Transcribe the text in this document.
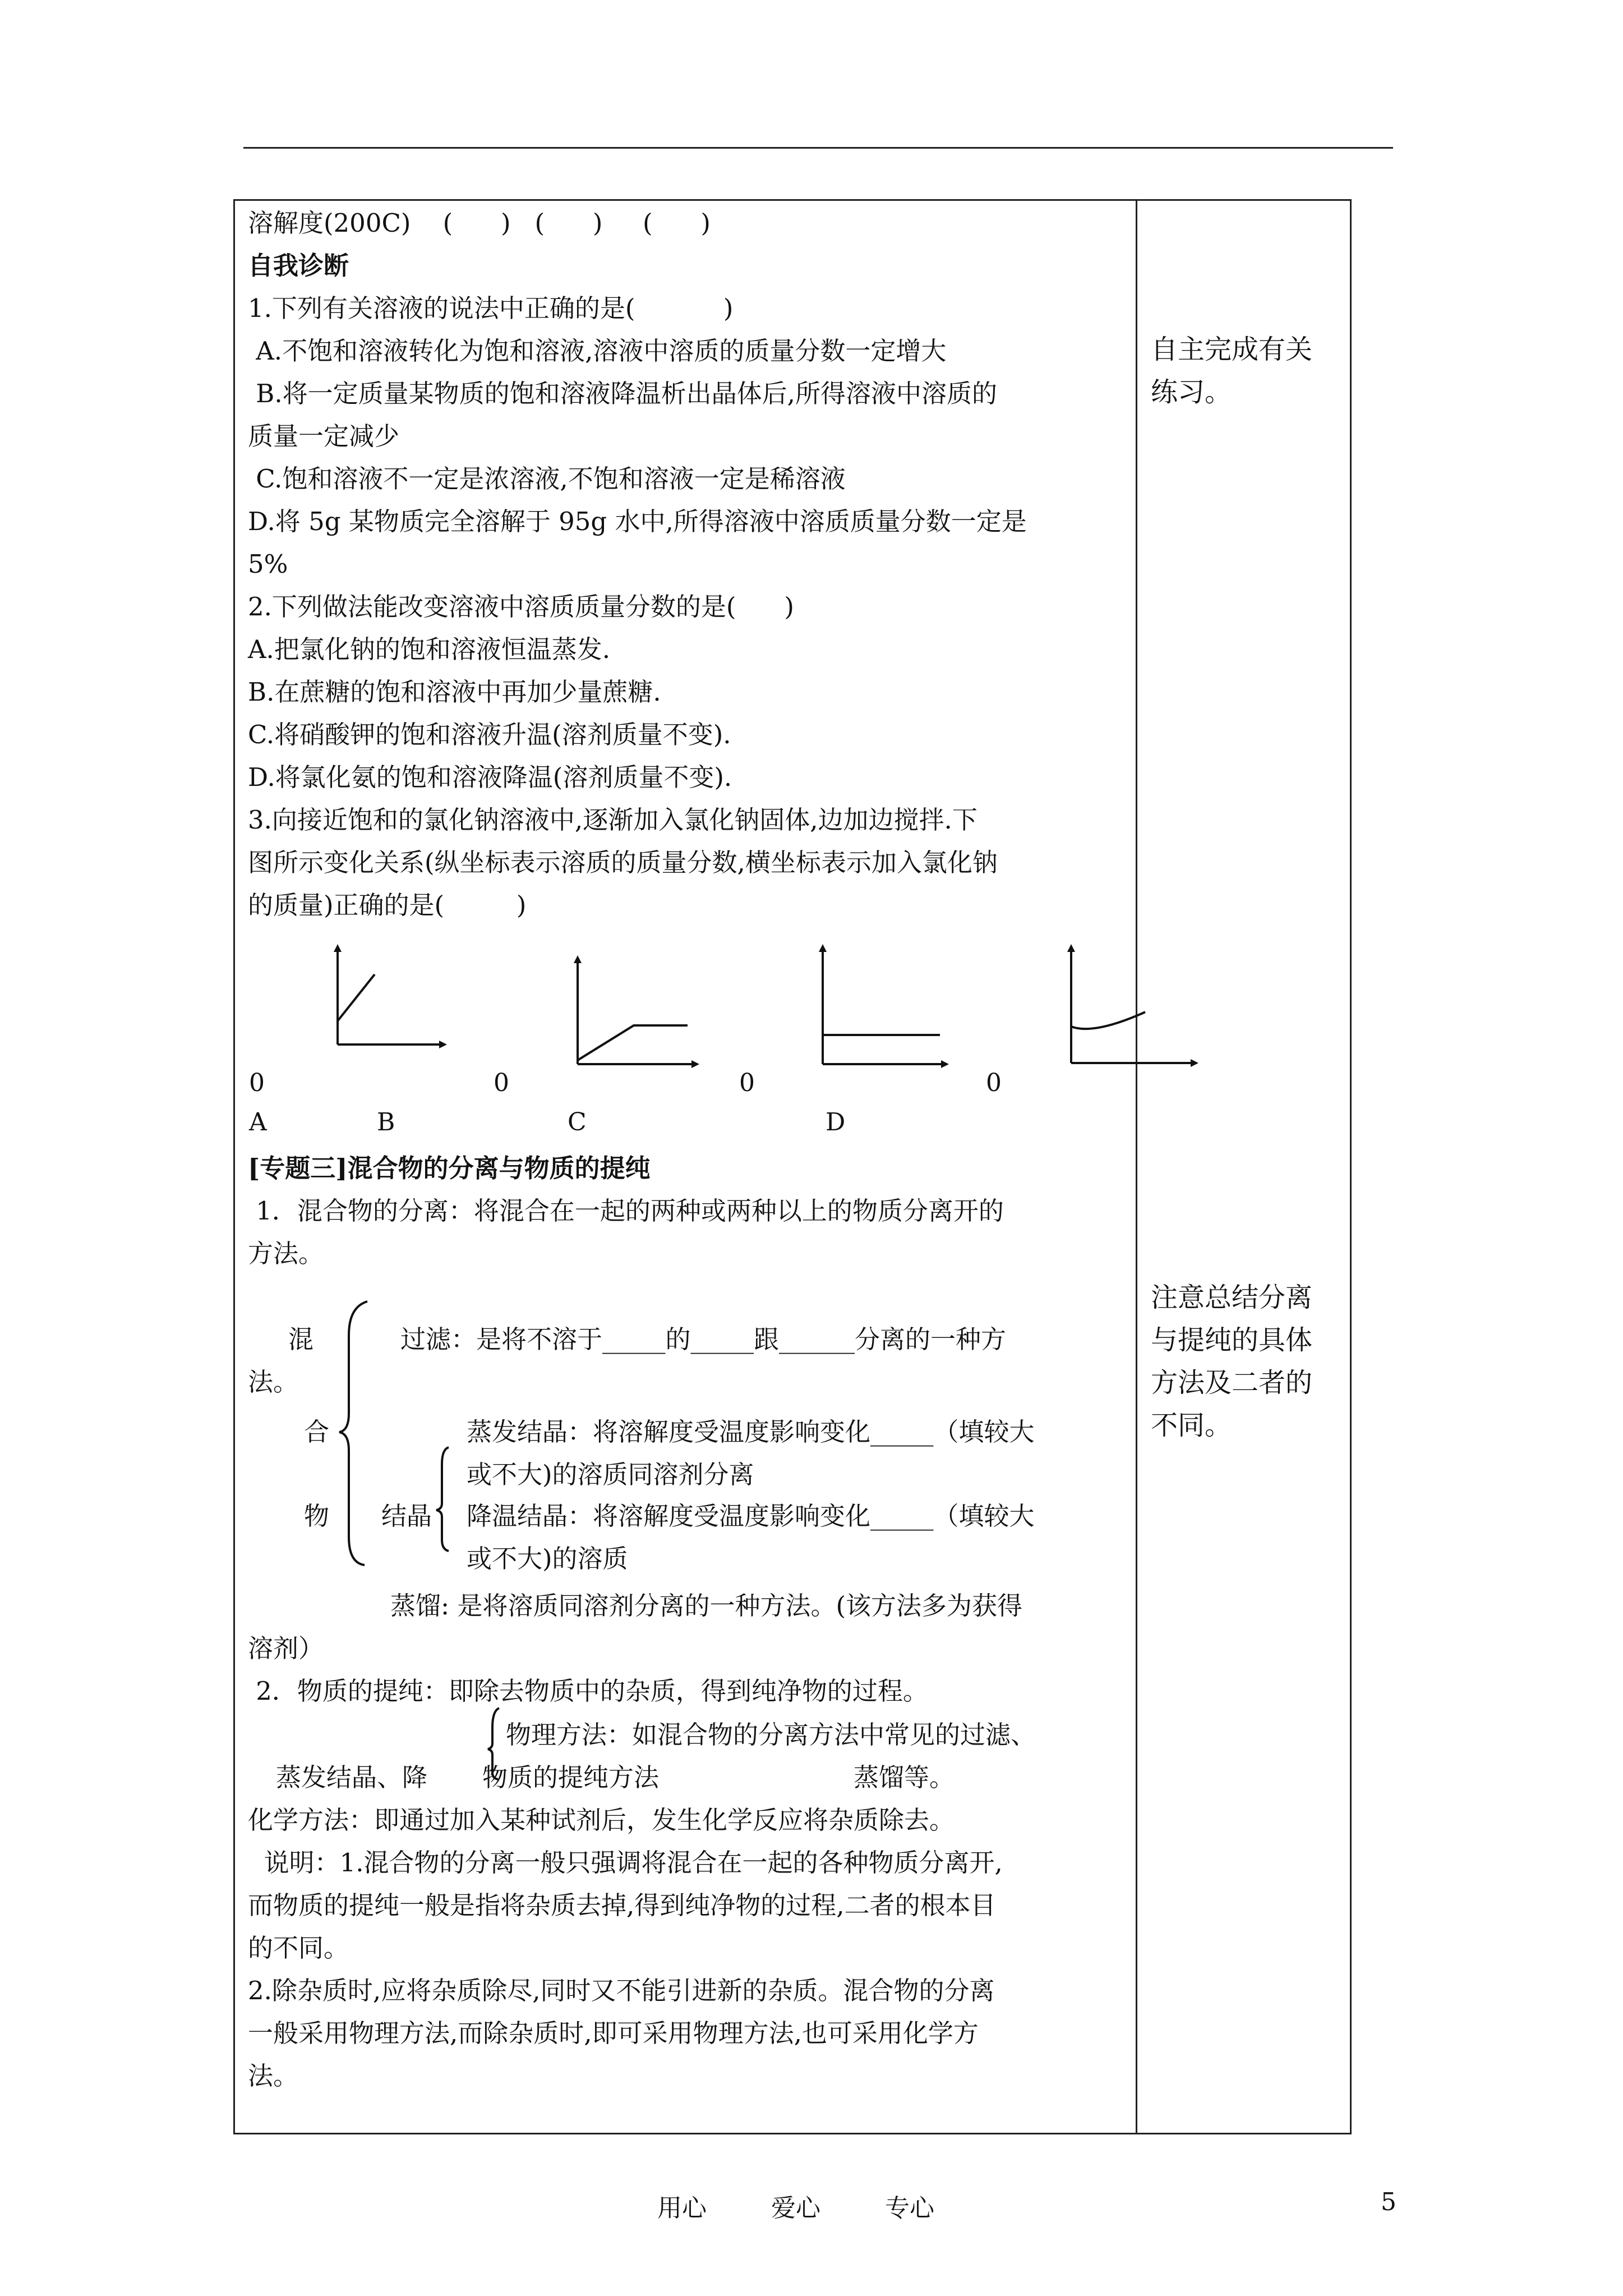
溶解度(200C)    (      )   (      )     (      )
自我诊断
1.下列有关溶液的说法中正确的是(           )
A.不饱和溶液转化为饱和溶液,溶液中溶质的质量分数一定增大
B.将一定质量某物质的饱和溶液降温析出晶体后,所得溶液中溶质的
质量一定减少
C.饱和溶液不一定是浓溶液,不饱和溶液一定是稀溶液
D.将 5g 某物质完全溶解于 95g 水中,所得溶液中溶质质量分数一定是
5%
2.下列做法能改变溶液中溶质质量分数的是(      )
A.把氯化钠的饱和溶液恒温蒸发.
B.在蔗糖的饱和溶液中再加少量蔗糖.
C.将硝酸钾的饱和溶液升温(溶剂质量不变).
D.将氯化氨的饱和溶液降温(溶剂质量不变).
3.向接近饱和的氯化钠溶液中,逐渐加入氯化钠固体,边加边搅拌.下
图所示变化关系(纵坐标表示溶质的质量分数,横坐标表示加入氯化钠
的质量)正确的是(         )
0	0	0	0
A	B	C	D
[专题三]混合物的分离与物质的提纯
1．混合物的分离：将混合在一起的两种或两种以上的物质分离开的
方法。
混
法。
合
物
过滤：是将不溶于_____的_____跟______分离的一种方
蒸发结晶：将溶解度受温度影响变化_____（填较大
或不大)的溶质同溶剂分离
结晶 降温结晶：将溶解度受温度影响变化_____（填较大
或不大)的溶质
蒸馏: 是将溶质同溶剂分离的一种方法。(该方法多为获得
溶剂）
2．物质的提纯：即除去物质中的杂质，得到纯净物的过程。
物理方法：如混合物的分离方法中常见的过滤、
蒸发结晶、降 物质的提纯方法	蒸馏等。
化学方法：即通过加入某种试剂后，发生化学反应将杂质除去。
说明：1.混合物的分离一般只强调将混合在一起的各种物质分离开,
而物质的提纯一般是指将杂质去掉,得到纯净物的过程,二者的根本目
的不同。
2.除杂质时,应将杂质除尽,同时又不能引进新的杂质。混合物的分离
一般采用物理方法,而除杂质时,即可采用物理方法,也可采用化学方
法。
自主完成有关
练习。
注意总结分离
与提纯的具体
方法及二者的
不同。
用心	爱心	专心	5
